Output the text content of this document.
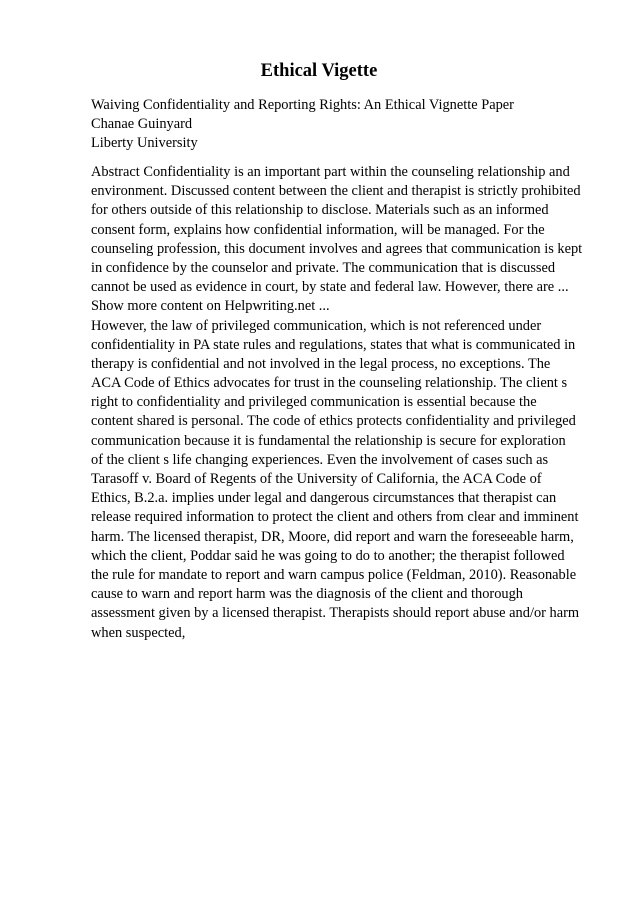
Ethical Vigette
Waiving Confidentiality and Reporting Rights: An Ethical Vignette Paper
Chanae Guinyard
Liberty University
Abstract Confidentiality is an important part within the counseling relationship and
environment. Discussed content between the client and therapist is strictly prohibited
for others outside of this relationship to disclose. Materials such as an informed
consent form, explains how confidential information, will be managed. For the
counseling profession, this document involves and agrees that communication is kept
in confidence by the counselor and private. The communication that is discussed
cannot be used as evidence in court, by state and federal law. However, there are ...
Show more content on Helpwriting.net ...
However, the law of privileged communication, which is not referenced under
confidentiality in PA state rules and regulations, states that what is communicated in
therapy is confidential and not involved in the legal process, no exceptions. The
ACA Code of Ethics advocates for trust in the counseling relationship. The client s
right to confidentiality and privileged communication is essential because the
content shared is personal. The code of ethics protects confidentiality and privileged
communication because it is fundamental the relationship is secure for exploration
of the client s life changing experiences. Even the involvement of cases such as
Tarasoff v. Board of Regents of the University of California, the ACA Code of
Ethics, B.2.a. implies under legal and dangerous circumstances that therapist can
release required information to protect the client and others from clear and imminent
harm. The licensed therapist, DR, Moore, did report and warn the foreseeable harm,
which the client, Poddar said he was going to do to another; the therapist followed
the rule for mandate to report and warn campus police (Feldman, 2010). Reasonable
cause to warn and report harm was the diagnosis of the client and thorough
assessment given by a licensed therapist. Therapists should report abuse and/or harm
when suspected,
